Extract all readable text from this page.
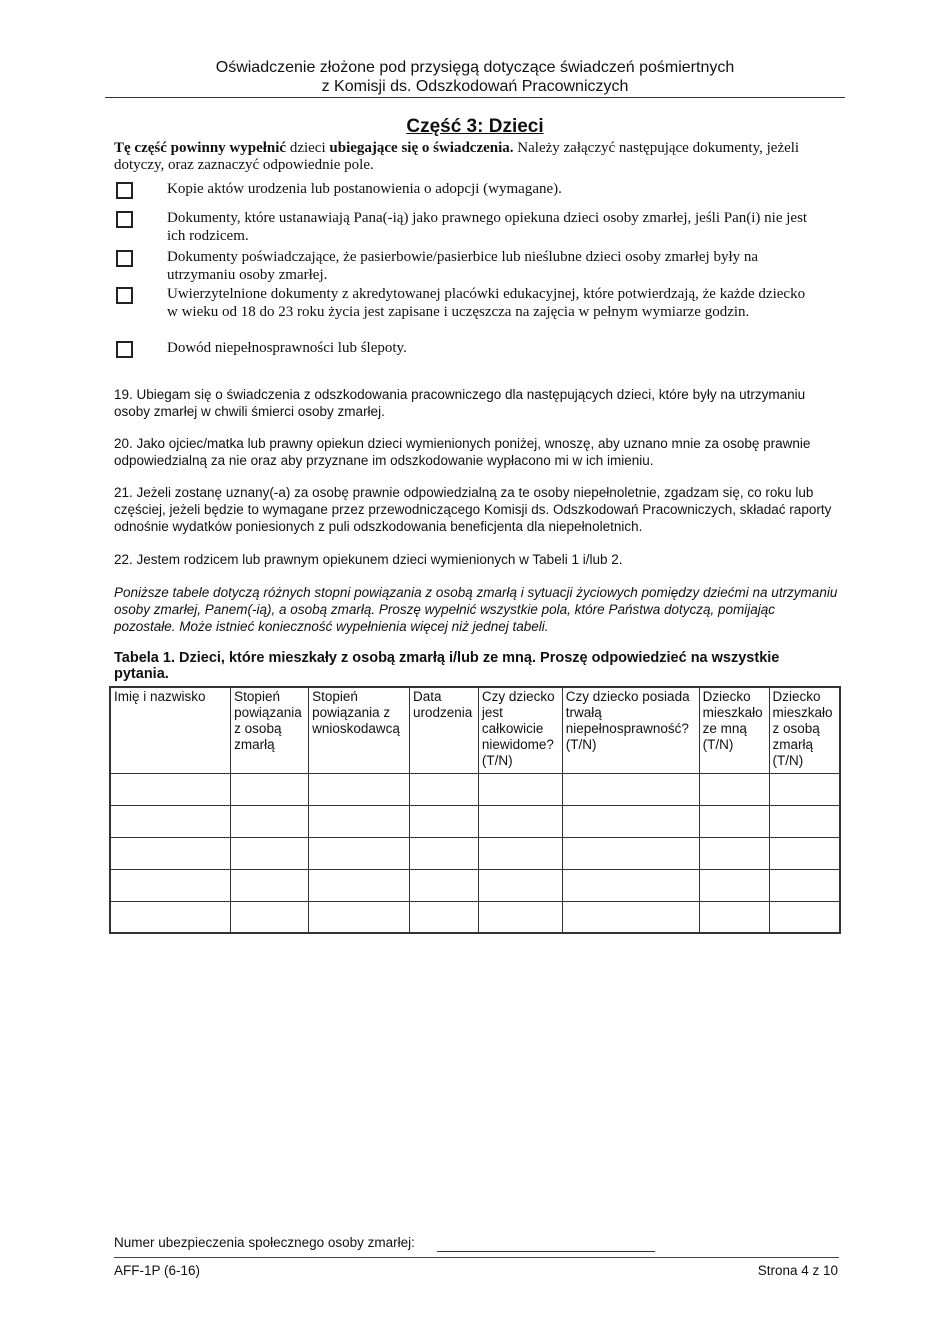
Oświadczenie złożone pod przysięgą dotyczące świadczeń pośmiertnych
z Komisji ds. Odszkodowań Pracowniczych
Część 3: Dzieci
Tę część powinny wypełnić dzieci ubiegające się o świadczenia. Należy załączyć następujące dokumenty, jeżeli dotyczy, oraz zaznaczyć odpowiednie pole.
Kopie aktów urodzenia lub postanowienia o adopcji (wymagane).
Dokumenty, które ustanawiają Pana(-ią) jako prawnego opiekuna dzieci osoby zmarłej, jeśli Pan(i) nie jest ich rodzicem.
Dokumenty poświadczające, że pasierbowie/pasierbice lub nieślubne dzieci osoby zmarłej były na utrzymaniu osoby zmarłej.
Uwierzytelnione dokumenty z akredytowanej placówki edukacyjnej, które potwierdzają, że każde dziecko w wieku od 18 do 23 roku życia jest zapisane i uczęszcza na zajęcia w pełnym wymiarze godzin.
Dowód niepełnosprawności lub ślepoty.
19. Ubiegam się o świadczenia z odszkodowania pracowniczego dla następujących dzieci, które były na utrzymaniu osoby zmarłej w chwili śmierci osoby zmarłej.
20. Jako ojciec/matka lub prawny opiekun dzieci wymienionych poniżej, wnoszę, aby uznano mnie za osobę prawnie odpowiedzialną za nie oraz aby przyznane im odszkodowanie wypłacono mi w ich imieniu.
21. Jeżeli zostanę uznany(-a) za osobę prawnie odpowiedzialną za te osoby niepełnoletnie, zgadzam się, co roku lub częściej, jeżeli będzie to wymagane przez przewodniczącego Komisji ds. Odszkodowań Pracowniczych, składać raporty odnośnie wydatków poniesionych z puli odszkodowania beneficjenta dla niepełnoletnich.
22. Jestem rodzicem lub prawnym opiekunem dzieci wymienionych w Tabeli 1 i/lub 2.
Poniższe tabele dotyczą różnych stopni powiązania z osobą zmarłą i sytuacji życiowych pomiędzy dziećmi na utrzymaniu osoby zmarłej, Panem(-ią), a osobą zmarłą. Proszę wypełnić wszystkie pola, które Państwa dotyczą, pomijając pozostałe. Może istnieć konieczność wypełnienia więcej niż jednej tabeli.
Tabela 1. Dzieci, które mieszkały z osobą zmarłą i/lub ze mną. Proszę odpowiedzieć na wszystkie pytania.
Imię i nazwisko	Stopień powiązania z osobą zmarłą	Stopień powiązania z wnioskodawcą	Data urodzenia	Czy dziecko jest całkowicie niewidome? (T/N)	Czy dziecko posiada trwałą niepełnosprawność? (T/N)	Dziecko mieszkało ze mną (T/N)	Dziecko mieszkało z osobą zmarłą (T/N)

Numer ubezpieczenia społecznego osoby zmarłej:
AFF-1P (6-16)	Strona 4 z 10
